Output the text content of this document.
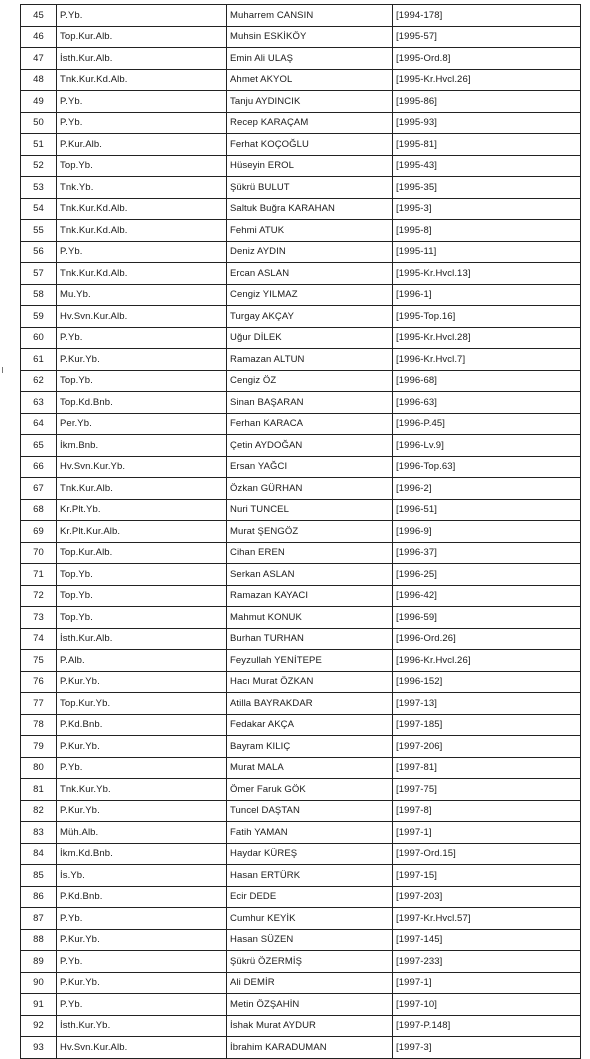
45	P.Yb.	Muharrem CANSIN	[1994-178]
46	Top.Kur.Alb.	Muhsin ESKİKÖY	[1995-57]
47	İsth.Kur.Alb.	Emin Ali ULAŞ	[1995-Ord.8]
48	Tnk.Kur.Kd.Alb.	Ahmet AKYOL	[1995-Kr.Hvcl.26]
49	P.Yb.	Tanju AYDINCIK	[1995-86]
50	P.Yb.	Recep KARAÇAM	[1995-93]
51	P.Kur.Alb.	Ferhat KOÇOĞLU	[1995-81]
52	Top.Yb.	Hüseyin EROL	[1995-43]
53	Tnk.Yb.	Şükrü BULUT	[1995-35]
54	Tnk.Kur.Kd.Alb.	Saltuk Buğra KARAHAN	[1995-3]
55	Tnk.Kur.Kd.Alb.	Fehmi ATUK	[1995-8]
56	P.Yb.	Deniz AYDIN	[1995-11]
57	Tnk.Kur.Kd.Alb.	Ercan ASLAN	[1995-Kr.Hvcl.13]
58	Mu.Yb.	Cengiz YILMAZ	[1996-1]
59	Hv.Svn.Kur.Alb.	Turgay AKÇAY	[1995-Top.16]
60	P.Yb.	Uğur DİLEK	[1995-Kr.Hvcl.28]
61	P.Kur.Yb.	Ramazan ALTUN	[1996-Kr.Hvcl.7]
62	Top.Yb.	Cengiz ÖZ	[1996-68]
63	Top.Kd.Bnb.	Sinan BAŞARAN	[1996-63]
64	Per.Yb.	Ferhan KARACA	[1996-P.45]
65	İkm.Bnb.	Çetin AYDOĞAN	[1996-Lv.9]
66	Hv.Svn.Kur.Yb.	Ersan YAĞCI	[1996-Top.63]
67	Tnk.Kur.Alb.	Özkan GÜRHAN	[1996-2]
68	Kr.Plt.Yb.	Nuri TUNCEL	[1996-51]
69	Kr.Plt.Kur.Alb.	Murat ŞENGÖZ	[1996-9]
70	Top.Kur.Alb.	Cihan EREN	[1996-37]
71	Top.Yb.	Serkan ASLAN	[1996-25]
72	Top.Yb.	Ramazan KAYACI	[1996-42]
73	Top.Yb.	Mahmut KONUK	[1996-59]
74	İsth.Kur.Alb.	Burhan TURHAN	[1996-Ord.26]
75	P.Alb.	Feyzullah YENİTEPE	[1996-Kr.Hvcl.26]
76	P.Kur.Yb.	Hacı Murat ÖZKAN	[1996-152]
77	Top.Kur.Yb.	Atilla BAYRAKDAR	[1997-13]
78	P.Kd.Bnb.	Fedakar AKÇA	[1997-185]
79	P.Kur.Yb.	Bayram KILIÇ	[1997-206]
80	P.Yb.	Murat MALA	[1997-81]
81	Tnk.Kur.Yb.	Ömer Faruk GÖK	[1997-75]
82	P.Kur.Yb.	Tuncel DAŞTAN	[1997-8]
83	Müh.Alb.	Fatih YAMAN	[1997-1]
84	İkm.Kd.Bnb.	Haydar KÜREŞ	[1997-Ord.15]
85	İs.Yb.	Hasan ERTÜRK	[1997-15]
86	P.Kd.Bnb.	Ecir DEDE	[1997-203]
87	P.Yb.	Cumhur KEYİK	[1997-Kr.Hvcl.57]
88	P.Kur.Yb.	Hasan SÜZEN	[1997-145]
89	P.Yb.	Şükrü ÖZERMİŞ	[1997-233]
90	P.Kur.Yb.	Ali DEMİR	[1997-1]
91	P.Yb.	Metin ÖZŞAHİN	[1997-10]
92	İsth.Kur.Yb.	İshak Murat AYDUR	[1997-P.148]
93	Hv.Svn.Kur.Alb.	İbrahim KARADUMAN	[1997-3]
